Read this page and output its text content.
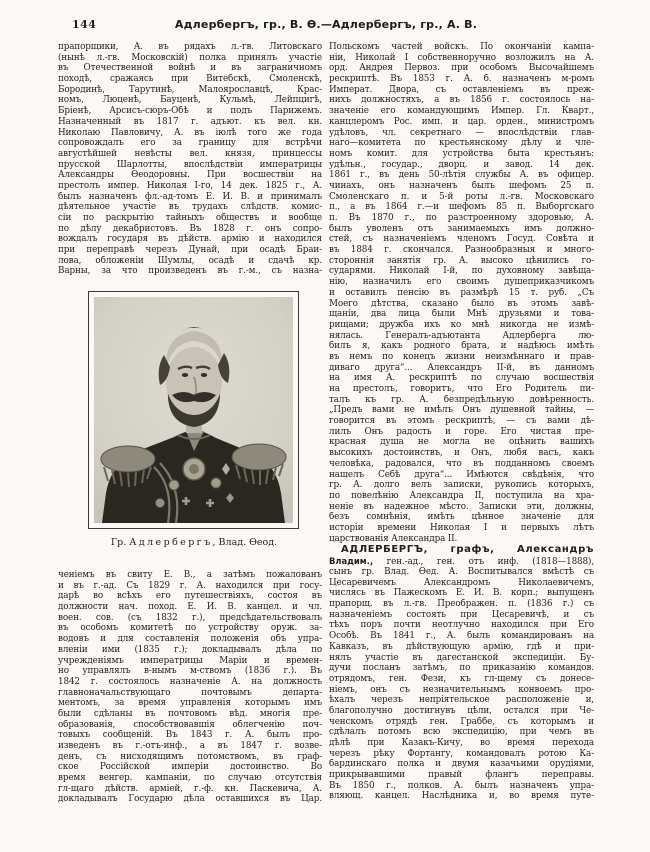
144	Адлербергъ, гр., В. Ѳ.—Адлербергъ, гр., А. В.
прапорщики, А. въ рядахъ л.-гв. Литовскаго
(нынѣ л.-гв. Московскій) полка принялъ участіе
въ Отечественной войнѣ и въ заграничномъ
походѣ, сражаясь при Витебскѣ, Смоленскѣ,
Бородинѣ, Тарутинѣ, Малоярославцѣ, Крас-
номъ, Люценѣ, Бауценѣ, Кульмѣ, Лейпцигѣ,
Бріенѣ, Арсисъ-сюръ-Обѣ и подъ Парижемъ.
Назначенный въ 1817 г. адъют. къ вел. кн.
Николаю Павловичу, А. въ іюлѣ того же года
сопровождалъ его за границу для встрѣчи
августѣйшей невѣсты вел. князя, принцессы
прусской Шарлотты, впослѣдствіи императрицы
Александры Ѳеодоровны. При восшествіи на
престолъ импер. Николая I-го, 14 дек. 1825 г., А.
былъ назначенъ фл.-ад-томъ Е. И. В. и принималъ
дѣятельное участіе въ трудахъ слѣдств. комис-
сіи по раскрытію тайныхъ обществъ и вообще
по дѣлу декабристовъ. Въ 1828 г. онъ сопро-
вождалъ государя въ дѣйств. армію и находился
при переправѣ черезъ Дунай, при осадѣ Браи-
лова, обложеніи Шумлы, осадѣ и сдачѣ кр.
Варны, за что произведенъ въ г.-м., съ назна-
Гр. Адлербергъ, Влад. Ѳеод.
ченіемъ въ свиту Е. В., а затѣмъ пожалованъ
и въ г.-ад. Съ 1829 г. А. находился при госу-
дарѣ во всѣхъ его путешествіяхъ, состоя въ
должности нач. поход. Е. И. В. канцел. и чл.
воен. сов. (съ 1832 г.), предсѣдательствовалъ
въ особомъ комитетѣ по устройству оруж. за-
водовъ и для составленія положенія объ упра-
вленіи ими (1835 г.); докладывалъ дѣла по
учрежденіямъ императрицы Маріи и времен-
но управлялъ в-нымъ м-ствомъ (1836 г.). Въ
1842 г. состоялось назначеніе А. на должность
главноначальствующаго почтовымъ департа-
ментомъ, за время управленія которымъ имъ
были сдѣланы въ почтовомъ вѣд. многія пре-
образованія, способствовавшія облегченію поч-
товыхъ сообщеній. Въ 1843 г. А. былъ про-
изведенъ въ г.-отъ-инф., а въ 1847 г. возве-
денъ, съ нисходящимъ потомствомъ, въ граф-
ское Россійской имперіи достоинство. Во
время венгер. кампаніи, по случаю отсутствія
гл-щаго дѣйств. арміей, г.-ф. кн. Паскевича, А.
докладывалъ Государю дѣла оставшихся въ Цар.
Польскомъ частей войскъ. По окончаніи кампа-
ніи, Николай I собственноручно возложилъ на А.
орд. Андрея Первоз. при особомъ Высочайшемъ
рескриптѣ. Въ 1853 г. А. б. назначенъ м-ромъ
Императ. Двора, съ оставленіемъ въ преж-
нихъ должностяхъ, а въ 1856 г. состоялось на-
значеніе его командующимъ Импер. Гл. Кварт.,
канцлеромъ Рос. имп. и цар. орден., министромъ
удѣловъ, чл. секретнаго — впослѣдствіи глав-
наго—комитета по крестьянскому дѣлу и чле-
номъ комит. для устройства быта крестьянъ:
удѣльн., государ., дворц. и завод. 14 дек.
1861 г., въ день 50-лѣтія службы А. въ офицер.
чинахъ, онъ назначенъ былъ шефомъ 25 п.
Смоленскаго п. и 5-й роты л.-гв. Московскаго
п., а въ 1864 г.—и шефомъ 85 п. Выборгскаго
п. Въ 1870 г., по разстроенному здоровью, А.
былъ уволенъ отъ занимаемыхъ имъ должно-
стей, съ назначеніемъ членомъ Госуд. Совѣта и
въ 1884 г. скончался. Разнообразныя и много-
стороннія занятія гр. А. высоко цѣнились го-
сударями. Николай I-й, по духовному завѣща-
нію, назначилъ его своимъ душеприказчикомъ
и оставилъ пенсію въ размѣрѣ 15 т. руб. „Съ
Моего дѣтства, сказано было въ этомъ завѣ-
щаніи, два лица были Мнѣ друзьями и това-
рищами; дружба ихъ ко мнѣ никогда не измѣ-
нялась. Генералъ-адъютанта Адлерберга лю-
билъ я, какъ родного брата, и надѣюсь имѣть
въ немъ по конецъ жизни неизмѣннаго и прав-
диваго друга“... Александръ II-й, въ данномъ
на имя А. рескриптѣ по случаю восшествія
на престолъ, говоритъ, что Его Родитель пи-
талъ къ гр. А. безпредѣльную довѣренность.
„Предъ вами не имѣлъ Онъ душевной тайны, —
говорится въ этомъ рескриптѣ, — съ вами дѣ-
лилъ Онъ радость и горе. Его чистая пре-
красная душа не могла не оцѣнить вашихъ
высокихъ достоинствъ, и Онъ, любя васъ, какъ
человѣка, радовался, что въ подданномъ своемъ
нашелъ Себѣ друга“... Имѣются свѣдѣнія, что
гр. А. долго велъ записки, рукопись которыхъ,
по повелѣнію Александра II, поступила на хра-
неніе въ надежное мѣсто. Записки эти, должны,
безъ сомнѣнія, имѣть цѣнное значеніе для
исторіи времени Николая I и первыхъ лѣтъ
царствованія Александра II.
АДЛЕРБЕРГЪ, графъ, Александръ
Владим., ген.-ад., ген. отъ инф. (1818—1888),
сынъ гр. Влад. Ѳед. А. Воспитывался вмѣстѣ съ
Цесаревичемъ Александромъ Николаевичемъ,
числясь въ Пажескомъ Е. И. В. корп.; выпущенъ
прапорщ. въ л.-гв. Преображен. п. (1836 г.) съ
назначеніемъ состоять при Цесаревичѣ, и съ
тѣхъ поръ почти неотлучно находился при Его
Особѣ. Въ 1841 г., А. былъ командированъ на
Кавказъ, въ дѣйствующую армію, гдѣ и при-
нялъ участіе въ дагестанской экспедиціи. Бу-
дучи посланъ затѣмъ, по приказанію командов.
отрядомъ, ген. Фези, къ гл-щему съ донесе-
ніемъ, онъ съ незначительнымъ конвоемъ про-
ѣхалъ черезъ непріятельское расположеніе и,
благополучно достигнувъ цѣли, остался при Че-
ченскомъ отрядѣ ген. Граббе, съ которымъ и
сдѣлалъ потомъ всю экспедицію, при чемъ въ
дѣлѣ при Казакъ-Кичу, во время перехода
черезъ рѣку Фортангу, командовалъ ротою Ка-
бардинскаго полка и двумя казачьими орудіями,
прикрывавшими правый флангъ переправы.
Въ 1850 г., полков. А. былъ назначенъ упра-
вляющ. канцел. Наслѣдника и, во время путе-
